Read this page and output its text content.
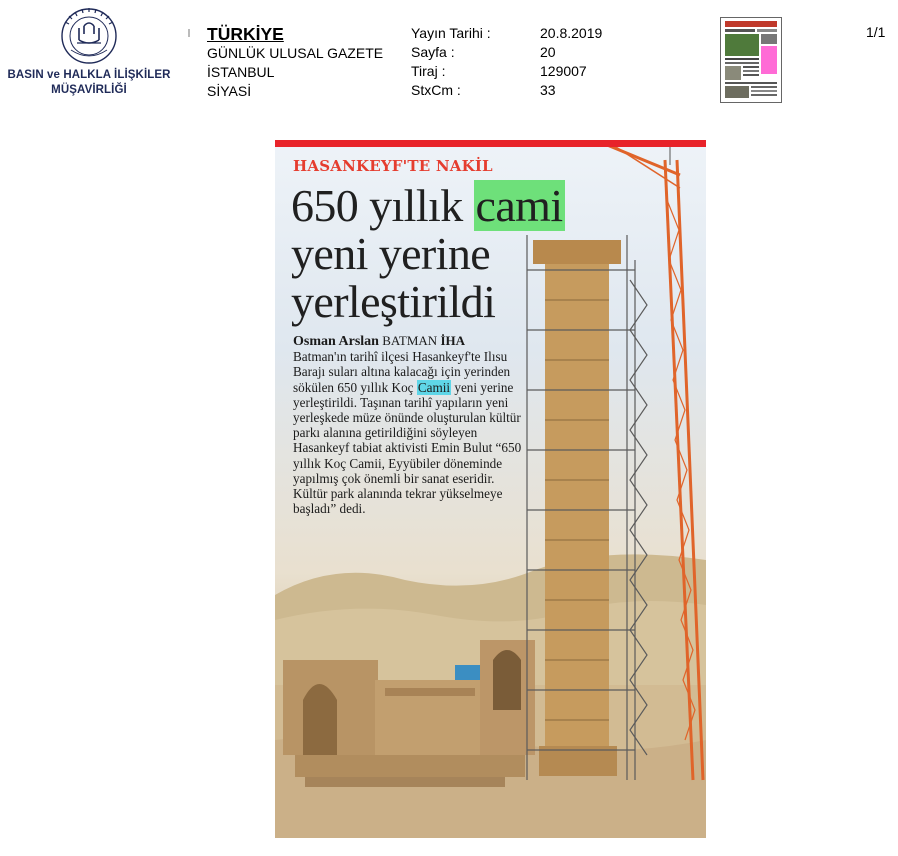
BASIN ve HALKLA İLİŞKİLER
MÜŞAVİRLİĞİ
TÜRKİYE
GÜNLÜK ULUSAL GAZETE
İSTANBUL
SİYASİ
Yayın Tarihi :
Sayfa :
Tiraj :
StxCm :
20.8.2019
20
129007
33
1/1
HASANKEYF'TE NAKİL
650 yıllık cami
yeni yerine
yerleştirildi
Osman Arslan BATMAN İHA
Batman'ın tarihî ilçesi Hasankeyf'te Ilısu Barajı suları altına kalacağı için yerinden sökülen 650 yıllık Koç Camii yeni yerine yerleştirildi. Taşınan tarihî yapıların yeni yerleşkede müze önünde oluşturulan kültür parkı alanına getirildiğini söyleyen Hasankeyf tabiat aktivisti Emin Bulut “650 yıllık Koç Camii, Eyyübiler döneminde yapılmış çok önemli bir sanat eseridir. Kültür park alanında tekrar yükselmeye başladı” dedi.
